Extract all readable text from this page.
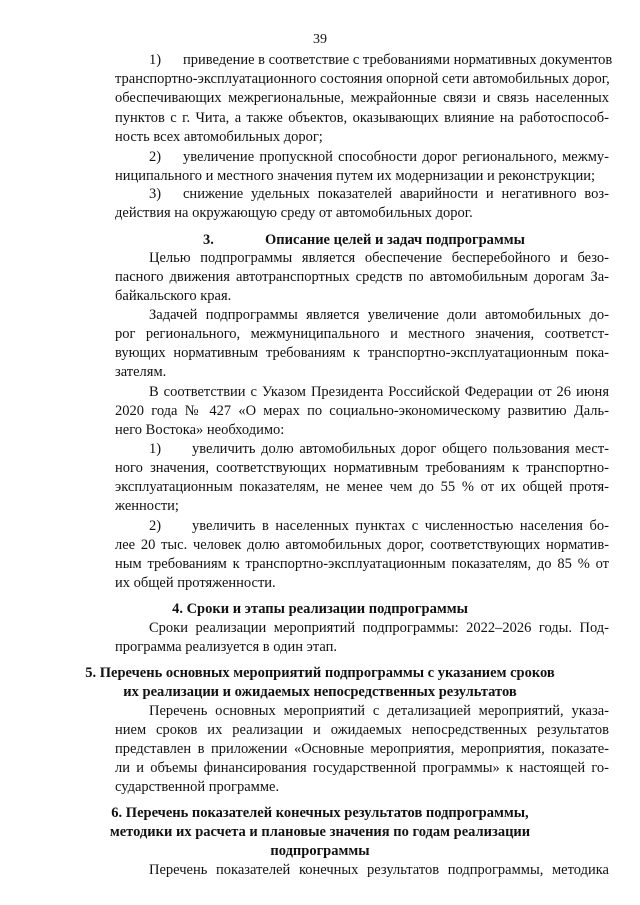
39
1) приведение в соответствие с требованиями нормативных документов
транспортно-эксплуатационного состояния опорной сети автомобильных дорог,
обеспечивающих межрегиональные, межрайонные связи и связь населенных
пунктов с г. Чита, а также объектов, оказывающих влияние на работоспособ-
ность всех автомобильных дорог;
2) увеличение пропускной способности дорог регионального, межму-
ниципального и местного значения путем их модернизации и реконструкции;
3) снижение удельных показателей аварийности и негативного воз-
действия на окружающую среду от автомобильных дорог.
3.	Описание целей и задач подпрограммы
Целью подпрограммы является обеспечение бесперебойного и безо-
пасного движения автотранспортных средств по автомобильным дорогам За-
байкальского края.
Задачей подпрограммы является увеличение доли автомобильных до-
рог регионального, межмуниципального и местного значения, соответст-
вующих нормативным требованиям к транспортно-эксплуатационным пока-
зателям.
В соответствии с Указом Президента Российской Федерации от 26 июня
2020 года № 427 «О мерах по социально-экономическому развитию Даль-
него Востока» необходимо:
1) увеличить долю автомобильных дорог общего пользования мест-
ного значения, соответствующих нормативным требованиям к транспортно-
эксплуатационным показателям, не менее чем до 55 % от их общей протя-
женности;
2) увеличить в населенных пунктах с численностью населения бо-
лее 20 тыс. человек долю автомобильных дорог, соответствующих норматив-
ным требованиям к транспортно-эксплуатационным показателям, до 85 % от
их общей протяженности.
4. Сроки и этапы реализации подпрограммы
Сроки реализации мероприятий подпрограммы: 2022–2026 годы. Под-
программа реализуется в один этап.
5. Перечень основных мероприятий подпрограммы с указанием сроков
их реализации и ожидаемых непосредственных результатов
Перечень основных мероприятий с детализацией мероприятий, указа-
нием сроков их реализации и ожидаемых непосредственных результатов
представлен в приложении «Основные мероприятия, мероприятия, показате-
ли и объемы финансирования государственной программы» к настоящей го-
сударственной программе.
6. Перечень показателей конечных результатов подпрограммы,
методики их расчета и плановые значения по годам реализации
подпрограммы
Перечень показателей конечных результатов подпрограммы, методика
